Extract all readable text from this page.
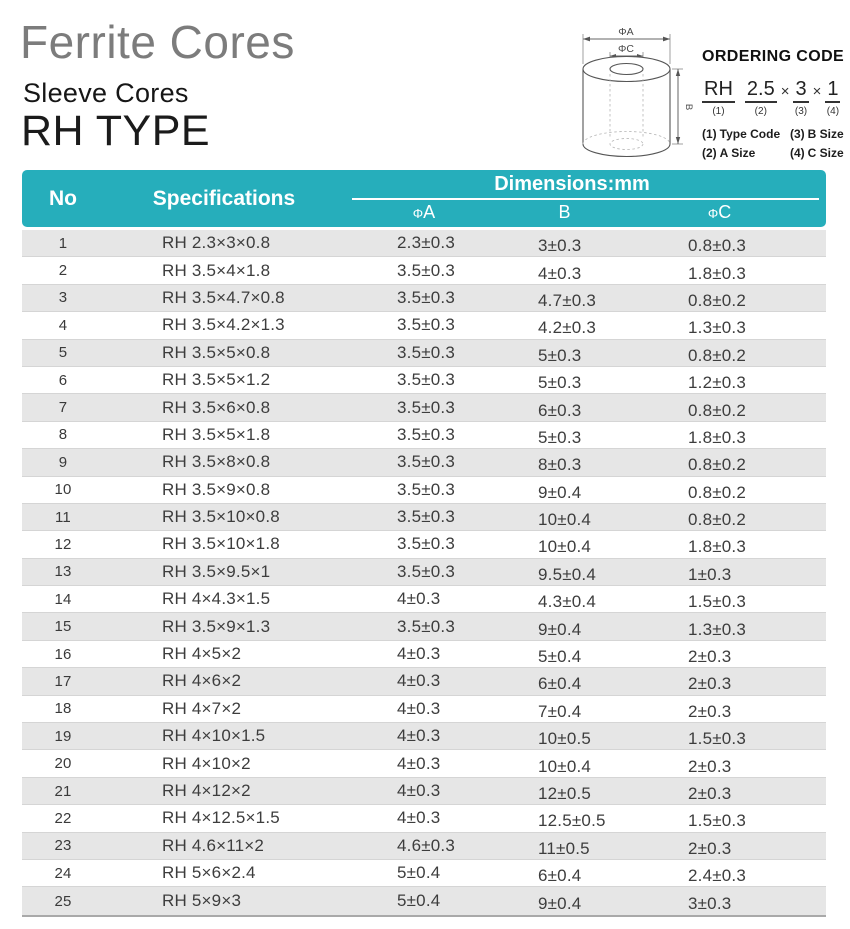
Ferrite Cores
Sleeve Cores
RH TYPE
ΦA
ΦC
B
ORDERING CODE
RH
(1)
2.5
(2)
× 3
(3)
× 1
(4)
(1) Type Code (3) B Size
(2) A Size	(4) C Size
No	Specifications
Dimensions:mm
ΦA	B	ΦC
1	RH 2.3×3×0.8	2.3±0.3	3±0.3	0.8±0.3
2	RH 3.5×4×1.8	3.5±0.3	4±0.3	1.8±0.3
3	RH 3.5×4.7×0.8	3.5±0.3	4.7±0.3	0.8±0.2
4	RH 3.5×4.2×1.3	3.5±0.3	4.2±0.3	1.3±0.3
5	RH 3.5×5×0.8	3.5±0.3	5±0.3	0.8±0.2
6	RH 3.5×5×1.2	3.5±0.3	5±0.3	1.2±0.3
7	RH 3.5×6×0.8	3.5±0.3	6±0.3	0.8±0.2
8	RH 3.5×5×1.8	3.5±0.3	5±0.3	1.8±0.3
9	RH 3.5×8×0.8	3.5±0.3	8±0.3	0.8±0.2
10	RH 3.5×9×0.8	3.5±0.3	9±0.4	0.8±0.2
11	RH 3.5×10×0.8	3.5±0.3	10±0.4	0.8±0.2
12	RH 3.5×10×1.8	3.5±0.3	10±0.4	1.8±0.3
13	RH 3.5×9.5×1	3.5±0.3	9.5±0.4	1±0.3
14	RH 4×4.3×1.5	4±0.3	4.3±0.4	1.5±0.3
15	RH 3.5×9×1.3	3.5±0.3	9±0.4	1.3±0.3
16	RH 4×5×2	4±0.3	5±0.4	2±0.3
17	RH 4×6×2	4±0.3	6±0.4	2±0.3
18	RH 4×7×2	4±0.3	7±0.4	2±0.3
19	RH 4×10×1.5	4±0.3	10±0.5	1.5±0.3
20	RH 4×10×2	4±0.3	10±0.4	2±0.3
21	RH 4×12×2	4±0.3	12±0.5	2±0.3
22	RH 4×12.5×1.5	4±0.3	12.5±0.5	1.5±0.3
23	RH 4.6×11×2	4.6±0.3	11±0.5	2±0.3
24	RH 5×6×2.4	5±0.4	6±0.4	2.4±0.3
25	RH 5×9×3	5±0.4	9±0.4	3±0.3
